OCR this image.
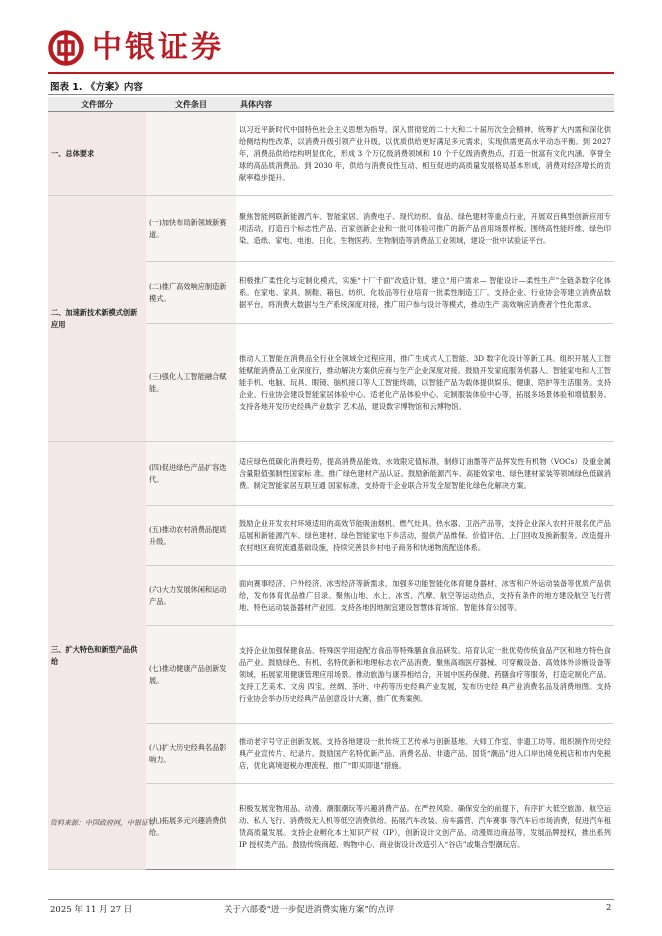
中银证券
图表 1. 《方案》内容
文件部分	文件条目	具体内容
一、总体要求		以习近平新时代中国特色社会主义思想为指导，深入贯彻党的二十大和二十届历次全会精神，统筹扩大内需和深化供给侧结构性改革，以消费升级引领产业升级，以优质供给更好满足多元需求，实现供需更高水平动态平衡。到 2027 年，消费品供给结构明显优化，形成 3 个万亿级消费领域和 10 个千亿级消费热点，打造一批富有文化内涵、享誉全球的高品质消费品。到 2030 年，供给与消费良性互动、相互促进的高质量发展格局基本形成，消费对经济增长的贡献率稳步提升。
二、加速新技术新模式创新应用	(一)加快布局新领域新赛道。	聚焦智能网联新能源汽车、智能家居、消费电子、现代纺织、食品、绿色建材等重点行业，开展双百典型创新应用专项活动，打造百个标志性产品、百家创新企业和一批可体验可推广的新产品首用场景样板。围绕高性能纤维、绿色印染、造纸、家电、电池、日化、生物医药、生物制造等消费品工业领域，建设一批中试验证平台。
	(二)推广高效响应制造新模式。	积极推广柔性化与定制化模式，实施“十厂千面”改造计划，建立“用户需求— 智能设计—柔性生产”全链条数字化体系。在家电、家具、制鞋、箱包、纺织、化妆品等行业培育一批柔性制造工厂。支持企业、行业协会等建立消费品数据平台，将消费大数据与生产系统深度对接，推广用户参与设计等模式，推动生产 高效响应消费者个性化需求。
	(三)强化人工智能融合赋能。	推动人工智能在消费品全行业全领域全过程应用，推广生成式人工智能、3D 数字化设计等新工具。组织开展人工智能赋能消费品工业深度行，推动解决方案供应商与生产企业深度对接。鼓励开发家庭服务机器人、智能家电和人工智能手机、电脑、玩具、眼镜、脑机接口等人工智能终端，以智能产品为载体提供娱乐、健康、陪护等生活服务。支持企业、行业协会建设智能家居体验中心、适老化产品体验中心、定制服装体验中心等，拓展多场景体验和增值服务。支持各地开发历史经典产业数字 艺术品，建设数字博物馆和云博物馆。
三、扩大特色和新型产品供给	(四)促进绿色产品扩容迭代。	适应绿色低碳化消费趋势，提高消费品能效、水效限定值标准，制修订油墨等产品挥发性有机物（VOCs）及重金属含量限值强制性国家标 准。推广绿色建材产品认证。鼓励新能源汽车、高能效家电、绿色建材家装等领域绿色低碳消费。制定智能家居互联互通 国家标准，支持骨干企业联合开发全屋智能化绿色化解决方案。
	(五)推动农村消费品提质升级。	鼓励企业开发农村环境适用的高效节能吸油烟机、燃气灶具、热水器、卫浴产品等，支持企业深入农村开展名优产品巡展和新能源汽车、绿色建材、绿色智能家电下乡活动，提供产品维保、价值评估、上门回收及换新服务。改造提升农村地区商贸流通基础设施，持续完善县乡村电子商务和快递物流配送体系。
	(六)大力发展休闲和运动产品。	面向赛事经济、户外经济、冰雪经济等新需求，加强多功能智能化体育健身器材、冰雪和户外运动装备等优质产品供给，发布体育优品推广目录。聚焦山地、水上、冰雪、汽摩、航空等运动热点，支持有条件的地方建设航空飞行营地、特色运动装备器材产业园。支持各地因地制宜建设智慧体育场馆、智能体育公园等。
	(七)推动健康产品创新发展。	支持企业加强保健食品、特殊医学用途配方食品等特殊膳食食品研发。培育认定一批优势传统食品产区和地方特色食品产业。鼓励绿色、有机、名特优新和地理标志农产品消费。聚焦高端医疗器械、可穿戴设备、高效体外诊断设备等领域，拓展家用健康管理应用场景。推动旅游与康养相结合，开展中医药保健、药膳食疗等服务，打造定制化产品。支持工艺美术、文房 四宝、丝绸、茶叶、中药等历史经典产业发展，发布历史经 典产业消费名品及消费地图。支持行业协会举办历史经典产品创意设计大赛，推广优秀案例。
	(八)扩大历史经典名品影响力。	推动老字号守正创新发展。支持各地建设一批传统工艺传承与创新基地、大师工作室、非遗工坊等。组织制作历史经典产业宣传片、纪录片。鼓励国产名特优新产品、消费名品、非遗产品、国货“潮品”进入口岸出境免税店和市内免税店，优化离境退税办理流程，推广“即买即退”措施。
	(九)拓展多元兴趣消费供给。	积极发展宠物用品、动漫、潮服潮玩等兴趣消费产品。在严控风险、确保安全的前提下，有序扩大低空旅游、航空运动、私人飞行、消费级无人机等低空消费供给。拓展汽车改装、房车露营、汽车赛事 等汽车后市场消费，促进汽车租赁高质量发展。支持企业孵化本土知识产权（IP），创新设计文创产品、动漫周边商品等，发展品牌授权，推出系列 IP 授权类产品。鼓励传统商超、购物中心、商业街设计改造引入“谷店”或集合型潮玩店。
资料来源：中国政府网，中银证券
2025 年 11 月 27 日	关于六部委“进一步促进消费实施方案”的点评	2
